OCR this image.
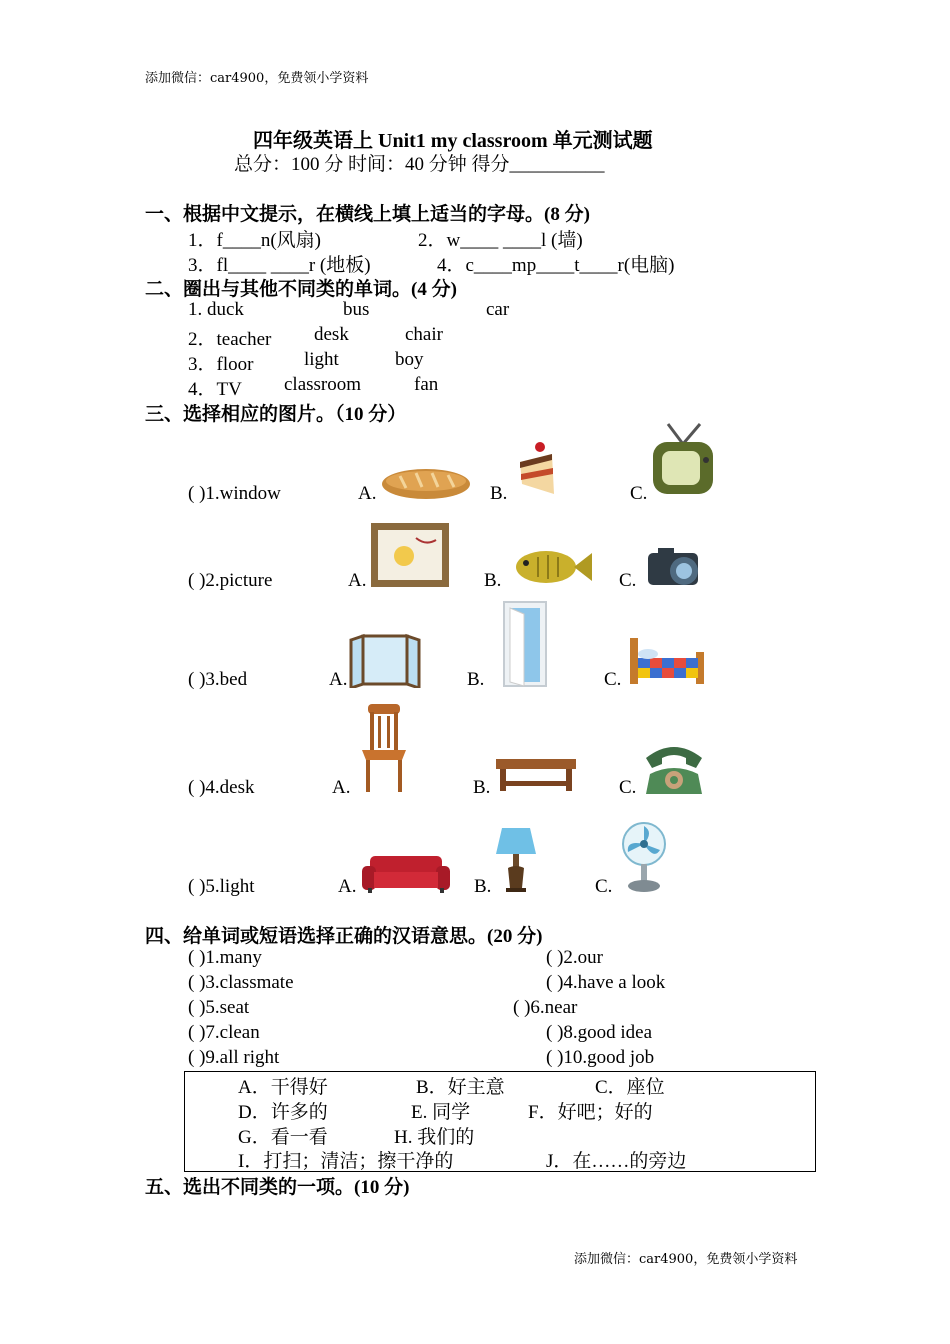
添加微信：car4900，免费领小学资料
四年级英语上 Unit1 my classroom 单元测试题
总分：100 分 时间：40 分钟 得分__________
一、根据中文提示，在横线上填上适当的字母。(8 分)
1．f____n(风扇)	2．w____ ____l (墙)
3．fl____ ____r (地板)	4．c____mp____t____r(电脑)
二、圈出与其他不同类的单词。(4 分)
1. duck	bus	car
2．teacher desk	chair
3．floor	light	boy
4．TV classroom	fan
三、选择相应的图片。（10 分）
( )1.window	A.	B.	C.
( )2.picture	A.	B.	C.
( )3.bed	A.	B.	C.
( )4.desk	A.	B.	C.
( )5.light	A.	B.	C.
四、给单词或短语选择正确的汉语意思。(20 分)
( )1.many	( )2.our
( )3.classmate	( )4.have a look
( )5.seat	( )6.near
( )7.clean	( )8.good idea
( )9.all right	( )10.good job
A．干得好	B．好主意	C．座位
D．许多的	E. 同学	F．好吧；好的
G．看一看	H. 我们的
I．打扫；清洁；擦干净的	J．在……的旁边
五、选出不同类的一项。(10 分)
添加微信：car4900，免费领小学资料
